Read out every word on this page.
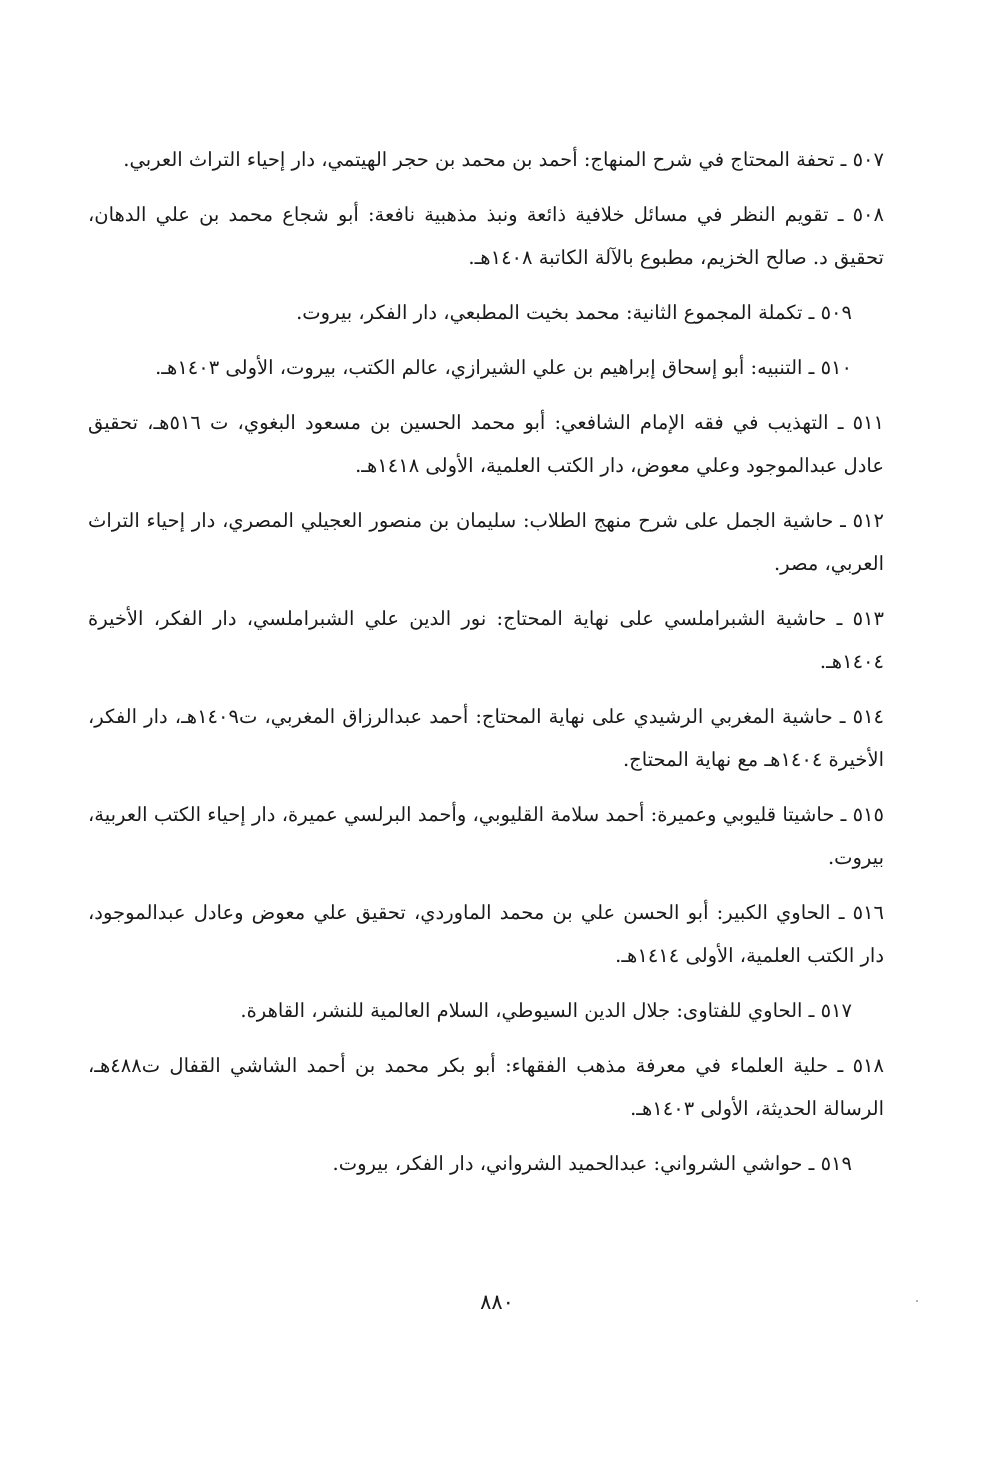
٥٠٧ ـ تحفة المحتاج في شرح المنهاج: أحمد بن محمد بن حجر الهيتمي، دار إحياء التراث العربي.

٥٠٨ ـ تقويم النظر في مسائل خلافية ذائعة ونبذ مذهبية نافعة: أبو شجاع محمد بن علي الدهان، تحقيق د. صالح الخزيم، مطبوع بالآلة الكاتبة ١٤٠٨هـ.

٥٠٩ ـ تكملة المجموع الثانية: محمد بخيت المطبعي، دار الفكر، بيروت.

٥١٠ ـ التنبيه: أبو إسحاق إبراهيم بن علي الشيرازي، عالم الكتب، بيروت، الأولى ١٤٠٣هـ.

٥١١ ـ التهذيب في فقه الإمام الشافعي: أبو محمد الحسين بن مسعود البغوي، ت ٥١٦هـ، تحقيق عادل عبدالموجود وعلي معوض، دار الكتب العلمية، الأولى ١٤١٨هـ.

٥١٢ ـ حاشية الجمل على شرح منهج الطلاب: سليمان بن منصور العجيلي المصري، دار إحياء التراث العربي، مصر.

٥١٣ ـ حاشية الشبراملسي على نهاية المحتاج: نور الدين علي الشبراملسي، دار الفكر، الأخيرة ١٤٠٤هـ.

٥١٤ ـ حاشية المغربي الرشيدي على نهاية المحتاج: أحمد عبدالرزاق المغربي، ت١٤٠٩هـ، دار الفكر، الأخيرة ١٤٠٤هـ مع نهاية المحتاج.

٥١٥ ـ حاشيتا قليوبي وعميرة: أحمد سلامة القليوبي، وأحمد البرلسي عميرة، دار إحياء الكتب العربية، بيروت.

٥١٦ ـ الحاوي الكبير: أبو الحسن علي بن محمد الماوردي، تحقيق علي معوض وعادل عبدالموجود، دار الكتب العلمية، الأولى ١٤١٤هـ.

٥١٧ ـ الحاوي للفتاوى: جلال الدين السيوطي، السلام العالمية للنشر، القاهرة.

٥١٨ ـ حلية العلماء في معرفة مذهب الفقهاء: أبو بكر محمد بن أحمد الشاشي القفال ت٤٨٨هـ، الرسالة الحديثة، الأولى ١٤٠٣هـ.

٥١٩ ـ حواشي الشرواني: عبدالحميد الشرواني، دار الفكر، بيروت.

٨٨٠
